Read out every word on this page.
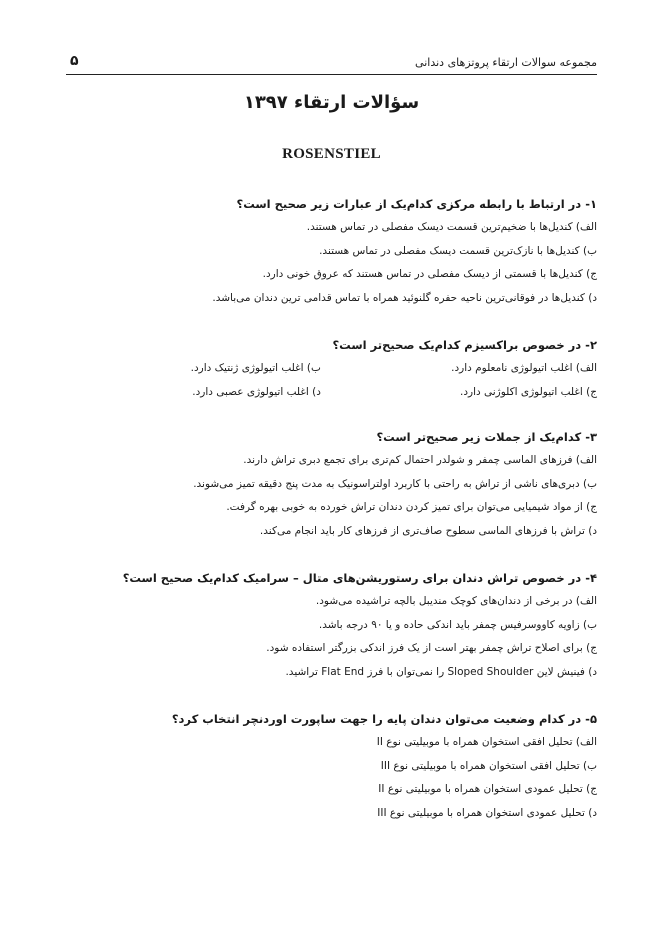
مجموعه سوالات ارتقاء پروتزهای دندانی
۵
سؤالات ارتقاء ۱۳۹۷
ROSENSTIEL
۱- در ارتباط با رابطه مرکزی کدام‌یک از عبارات زیر صحیح است؟
الف) کندیل‌ها با ضخیم‌ترین قسمت دیسک مفصلی در تماس هستند.
ب) کندیل‌ها با نازک‌ترین قسمت دیسک مفصلی در تماس هستند.
ج) کندیل‌ها با قسمتی از دیسک مفصلی در تماس هستند که عروق خونی دارد.
د) کندیل‌ها در فوقانی‌ترین ناحیه حفره گلنوئید همراه با تماس قدامی ترین دندان می‌باشد.
۲- در خصوص براکسیزم کدام‌یک صحیح‌تر است؟
الف) اغلب اتیولوژی نامعلوم دارد.
ب) اغلب اتیولوژی ژنتیک دارد.
ج) اغلب اتیولوژی اکلوژنی دارد.
د) اغلب اتیولوژی عصبی دارد.
۳- کدام‌یک از جملات زیر صحیح‌تر است؟
الف) فرزهای الماسی چمفر و شولدر احتمال کم‌تری برای تجمع دبری تراش دارند.
ب) دبری‌های ناشی از تراش به راحتی با کاربرد اولتراسونیک به مدت پنج دقیقه تمیز می‌شوند.
ج) از مواد شیمیایی می‌توان برای تمیز کردن دندان تراش خورده به خوبی بهره گرفت.
د) تراش با فرزهای الماسی سطوح صاف‌تری از فرزهای کار باید انجام می‌کند.
۴- در خصوص تراش دندان برای رستوریشن‌های متال – سرامیک کدام‌یک صحیح است؟
الف) در برخی از دندان‌های کوچک مندیبل بالچه تراشیده می‌شود.
ب) زاویه کاووسرفیس چمفر باید اندکی حاده و یا ۹۰ درجه باشد.
ج) برای اصلاح تراش چمفر بهتر است از یک فرز اندکی بزرگتر استفاده شود.
د) فینیش لاین Sloped Shoulder را نمی‌توان با فرز Flat End تراشید.
۵- در کدام وضعیت می‌توان دندان پایه را جهت ساپورت اوردنچر انتخاب کرد؟
الف) تحلیل افقی استخوان همراه با موبیلیتی نوع II
ب) تحلیل افقی استخوان همراه با موبیلیتی نوع III
ج) تحلیل عمودی استخوان همراه با موبیلیتی نوع II
د) تحلیل عمودی استخوان همراه با موبیلیتی نوع III
